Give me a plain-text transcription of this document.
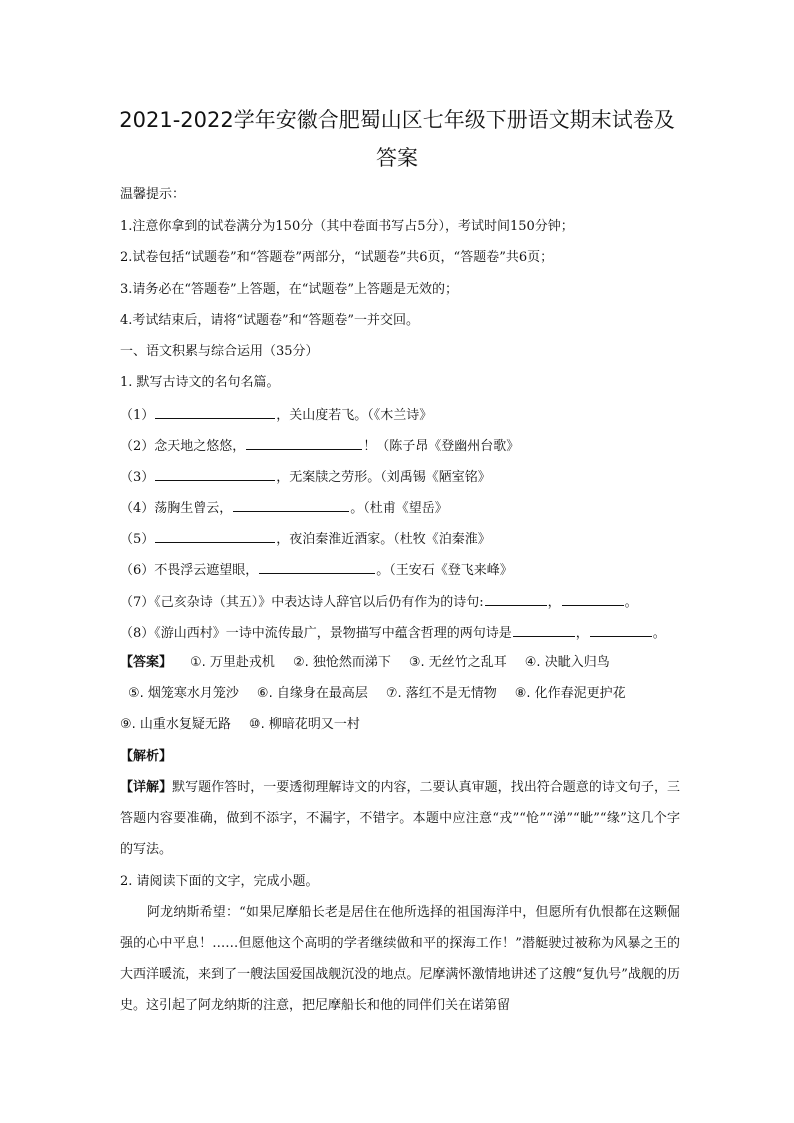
2021-2022学年安徽合肥蜀山区七年级下册语文期末试卷及
答案

温馨提示：

1.注意你拿到的试卷满分为150分（其中卷面书写占5分），考试时间150分钟；

2.试卷包括“试题卷”和“答题卷”两部分，“试题卷”共6页，“答题卷”共6页；

3.请务必在“答题卷”上答题，在“试题卷”上答题是无效的；

4.考试结束后，请将“试题卷”和“答题卷”一并交回。

一、语文积累与综合运用（35分）

1. 默写古诗文的名句名篇。

（1）	，关山度若飞。（《木兰诗》

（2）念天地之悠悠，	！（陈子昂《登幽州台歌》

（3）	，无案牍之劳形。（刘禹锡《陋室铭》

（4）荡胸生曾云，	。（杜甫《望岳》

（5）	，夜泊秦淮近酒家。（杜牧《泊秦淮》

（6）不畏浮云遮望眼，	。（王安石《登飞来峰》

（7）《己亥杂诗（其五）》中表达诗人辞官以后仍有作为的诗句:	，	。

（8）《游山西村》一诗中流传最广，景物描写中蕴含哲理的两句诗是	，	。

【答案】 ①. 万里赴戎机 ②. 独怆然而涕下 ③. 无丝竹之乱耳 ④. 决眦入归鸟

⑤. 烟笼寒水月笼沙 ⑥. 自缘身在最高层 ⑦. 落红不是无情物 ⑧. 化作春泥更护花

⑨. 山重水复疑无路 ⑩. 柳暗花明又一村

【解析】

【详解】默写题作答时，一要透彻理解诗文的内容，二要认真审题，找出符合题意的诗文句子，三答题内容要准确，做到不添字，不漏字，不错字。本题中应注意“戎”“怆”“涕”“眦”“缘”这几个字的写法。

2. 请阅读下面的文字，完成小题。

阿龙纳斯希望：“如果尼摩船长老是居住在他所选择的祖国海洋中，但愿所有仇恨都在这颗倔强的心中平息！……但愿他这个高明的学者继续做和平的探海工作！”潜艇驶过被称为风暴之王的大西洋暖流，来到了一艘法国爱国战舰沉没的地点。尼摩满怀激情地讲述了这艘“复仇号”战舰的历史。这引起了阿龙纳斯的注意，把尼摩船长和他的同伴们关在诺第留
